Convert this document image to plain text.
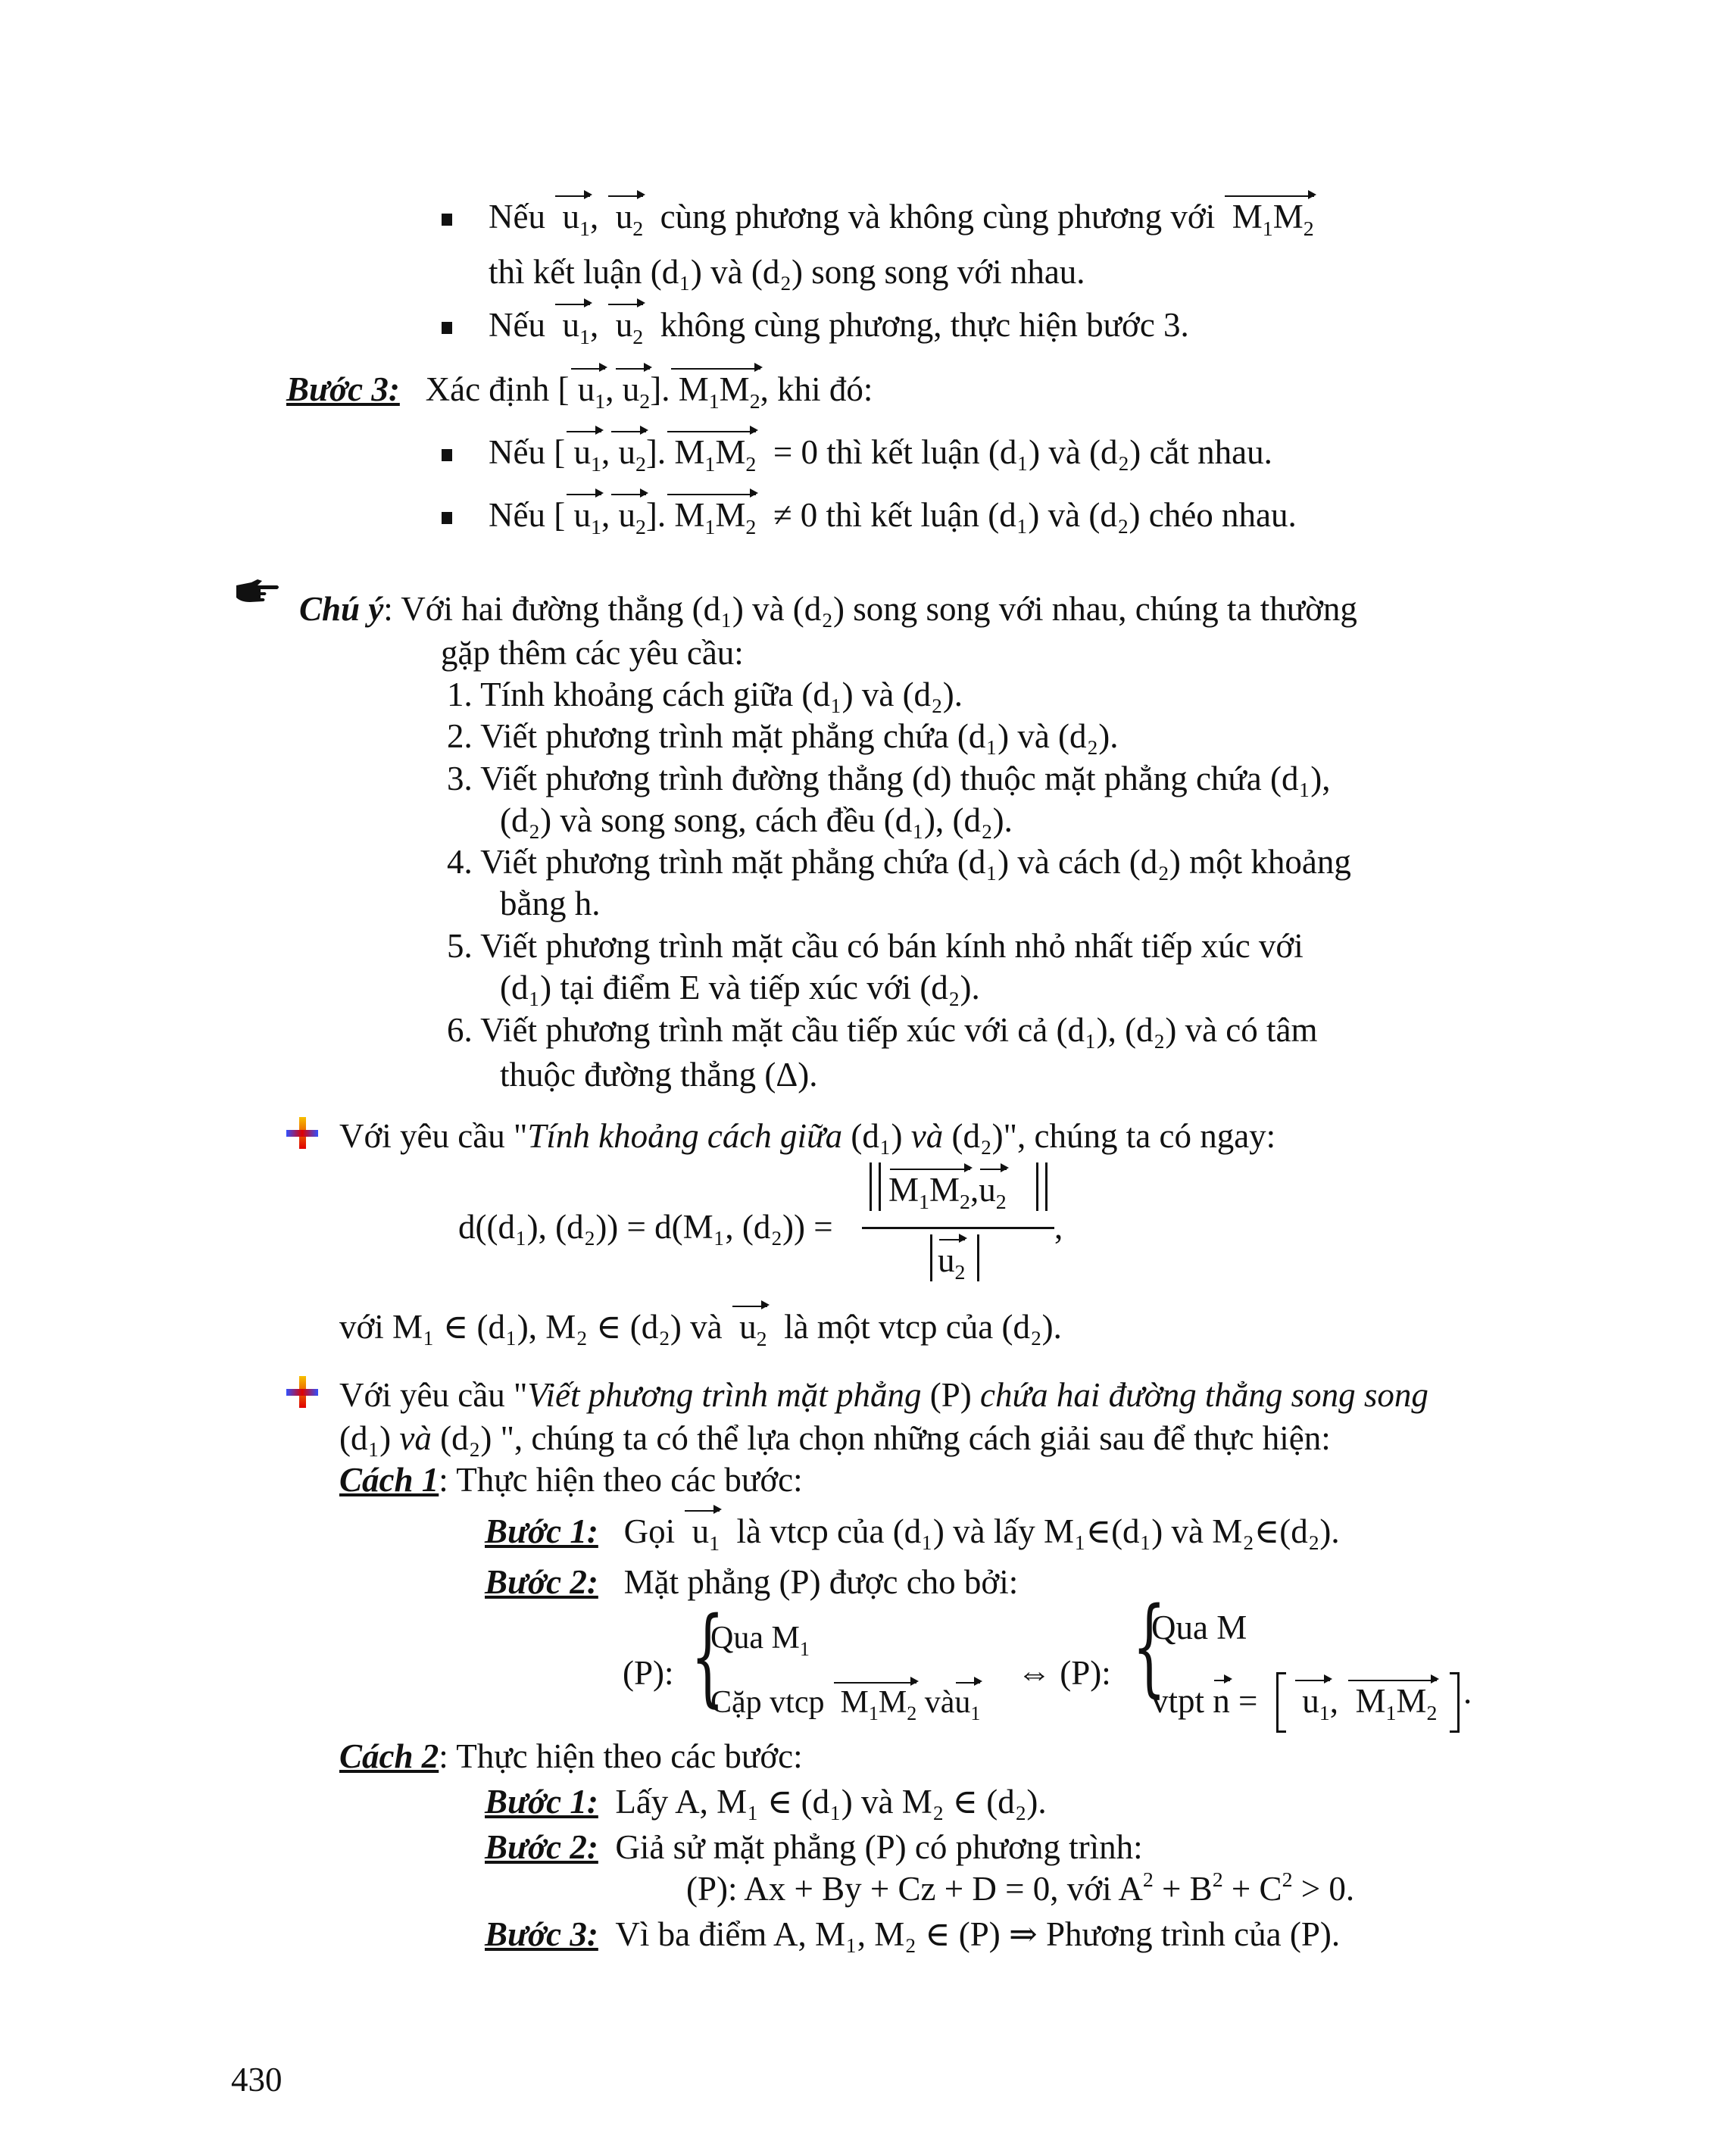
Nếu $u_1$,  $u_2$ cùng phương và không cùng phương với $M_1M_2$
thì kết luận (d₁) và (d₂) song song với nhau.
Nếu $u_1$,  $u_2$ không cùng phương, thực hiện bước 3.
Bước 3: Xác định [ $u_1$, $u_2$]. $M_1M_2$, khi đó:
Nếu [ $u_1$, $u_2$]. $M_1M_2 = 0$ thì kết luận (d₁) và (d₂) cắt nhau.
Nếu [ $u_1$, $u_2$]. $M_1M_2 \ne 0$ thì kết luận (d₁) và (d₂) chéo nhau.
Chú ý: Với hai đường thẳng (d₁) và (d₂) song song với nhau, chúng ta thường
gặp thêm các yêu cầu:
1. Tính khoảng cách giữa (d₁) và (d₂).
2. Viết phương trình mặt phẳng chứa (d₁) và (d₂).
3. Viết phương trình đường thẳng (d) thuộc mặt phẳng chứa (d₁),
(d₂) và song song, cách đều (d₁), (d₂).
4. Viết phương trình mặt phẳng chứa (d₁) và cách (d₂) một khoảng
bằng h.
5. Viết phương trình mặt cầu có bán kính nhỏ nhất tiếp xúc với
(d₁) tại điểm E và tiếp xúc với (d₂).
6. Viết phương trình mặt cầu tiếp xúc với cả (d₁), (d₂) và có tâm
thuộc đường thẳng (Δ).
Với yêu cầu "Tính khoảng cách giữa (d₁) và (d₂)", chúng ta có ngay:
d((d₁), (d₂)) = d(M₁, (d₂)) =
$M_1M_2,u_2$
$u_2$
,
với M₁ ∈ (d₁), M₂ ∈ (d₂) và $u_2$ là một vtcp của (d₂).
Với yêu cầu "Viết phương trình mặt phẳng (P) chứa hai đường thẳng song song
(d₁) và (d₂) ", chúng ta có thể lựa chọn những cách giải sau để thực hiện:
Cách 1: Thực hiện theo các bước:
Bước 1: Gọi $u_1$ là vtcp của (d₁) và lấy M₁∈(d₁) và M₂∈(d₂).
Bước 2: Mặt phẳng (P) được cho bởi:
(P): {
Qua $M_1$
Cặp vtcp $M_1M_2$ vàu$_1$
⇔ (P): {
Qua M
vtpt $n = u_1$, $M_1M_2$
.
Cách 2: Thực hiện theo các bước:
Bước 1: Lấy A, M₁ ∈ (d₁) và M₂ ∈ (d₂).
Bước 2: Giả sử mặt phẳng (P) có phương trình:
(P): Ax + By + Cz + D = 0, với $A^2 + B^2 + C^2 > 0$.
Bước 3: Vì ba điểm A, M₁, M₂ ∈ (P) ⇒ Phương trình của (P).
430
